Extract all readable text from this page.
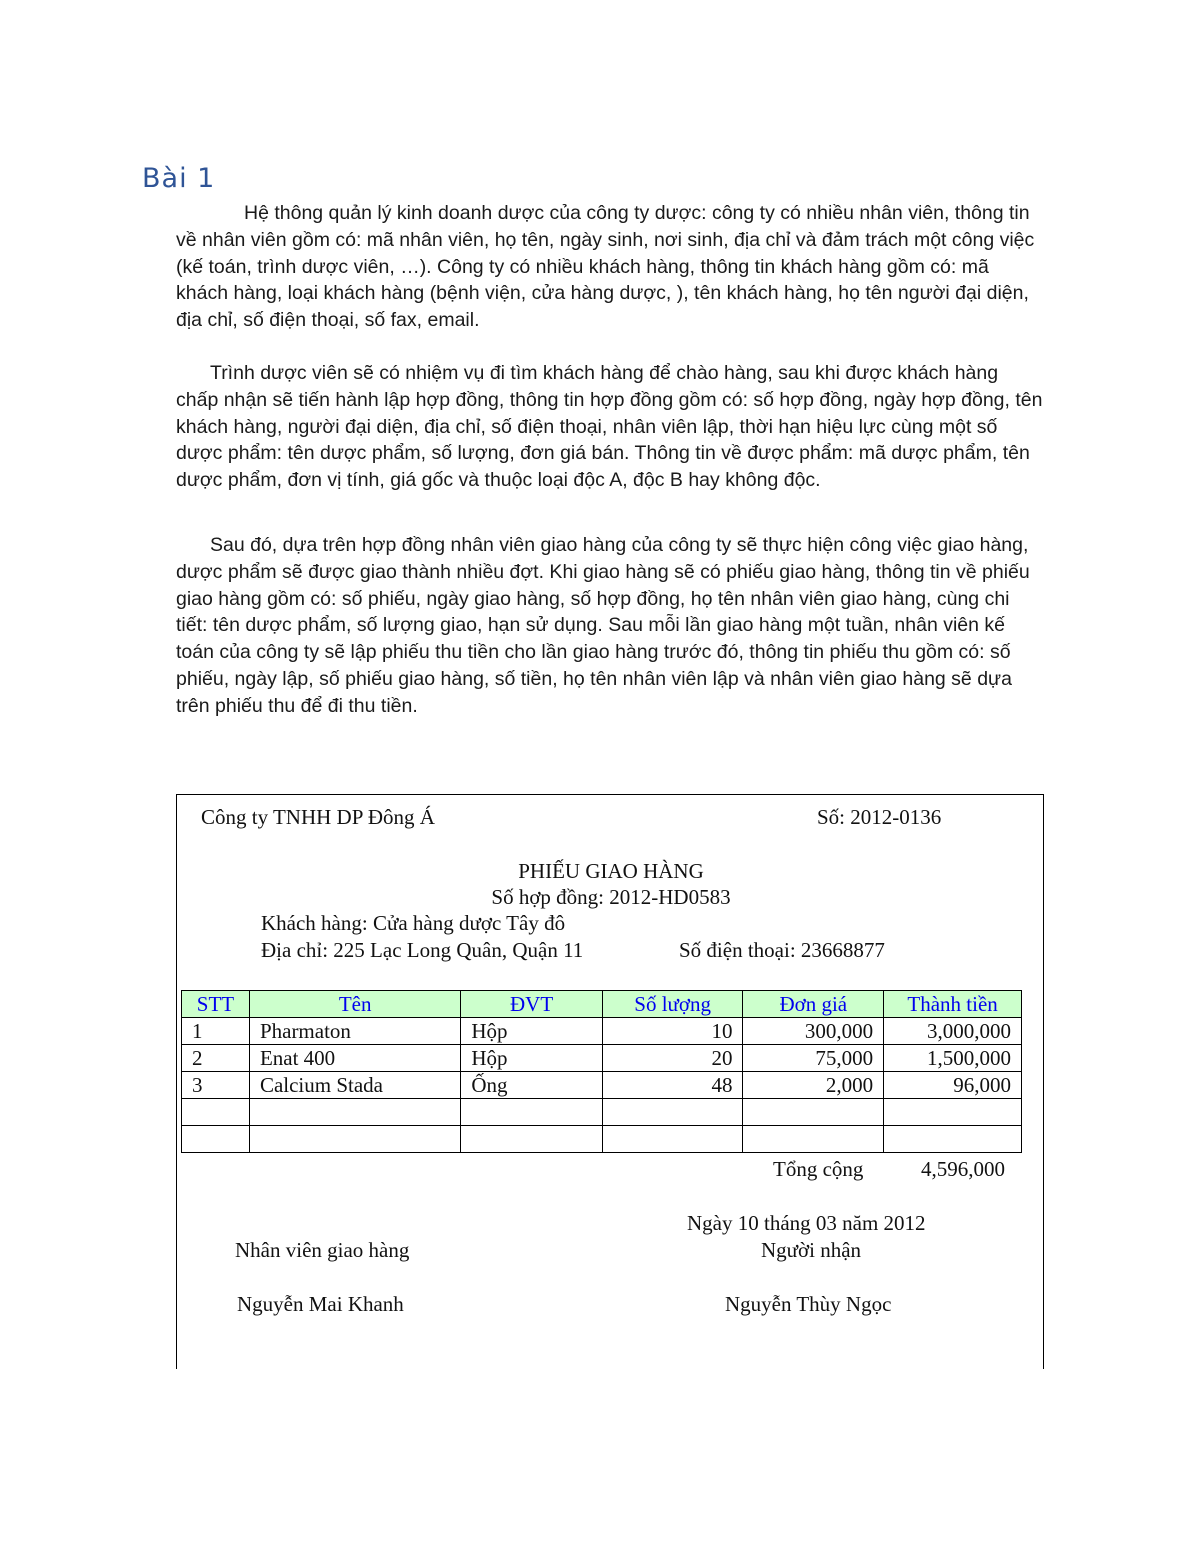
Bài 1

Hệ thông quản lý kinh doanh dược của công ty dược: công ty có nhiều nhân viên, thông tin về nhân viên gồm có: mã nhân viên, họ tên, ngày sinh, nơi sinh, địa chỉ và đảm trách một công việc (kế toán, trình dược viên, …). Công ty có nhiều khách hàng, thông tin khách hàng gồm có: mã khách hàng, loại khách hàng (bệnh viện, cửa hàng dược, ), tên khách hàng, họ tên người đại diện, địa chỉ, số điện thoại, số fax, email.

Trình dược viên sẽ có nhiệm vụ đi tìm khách hàng để chào hàng, sau khi được khách hàng chấp nhận sẽ tiến hành lập hợp đồng, thông tin hợp đồng gồm có: số hợp đồng, ngày hợp đồng, tên khách hàng, người đại diện, địa chỉ, số điện thoại, nhân viên lập, thời hạn hiệu lực cùng một số dược phẩm: tên dược phẩm, số lượng, đơn giá bán. Thông tin về được phẩm: mã dược phẩm, tên dược phẩm, đơn vị tính, giá gốc và thuộc loại độc A, độc B hay không độc.

Sau đó, dựa trên hợp đồng nhân viên giao hàng của công ty sẽ thực hiện công việc giao hàng, dược phẩm sẽ được giao thành nhiều đợt. Khi giao hàng sẽ có phiếu giao hàng, thông tin về phiếu giao hàng gồm có: số phiếu, ngày giao hàng, số hợp đồng, họ tên nhân viên giao hàng, cùng chi tiết: tên dược phẩm, số lượng giao, hạn sử dụng. Sau mỗi lần giao hàng một tuần, nhân viên kế toán của công ty sẽ lập phiếu thu tiền cho lần giao hàng trước đó, thông tin phiếu thu gồm có: số phiếu, ngày lập, số phiếu giao hàng, số tiền, họ tên nhân viên lập và nhân viên giao hàng sẽ dựa trên phiếu thu để đi thu tiền.

Công ty TNHH DP Đông Á	Số: 2012-0136
PHIẾU GIAO HÀNG
Số hợp đồng: 2012-HD0583
Khách hàng: Cửa hàng dược Tây đô
Địa chỉ: 225 Lạc Long Quân, Quận 11	Số điện thoại: 23668877
STT	Tên	ĐVT	Số lượng	Đơn giá	Thành tiền
1	Pharmaton	Hộp	10	300,000	3,000,000
2	Enat 400	Hộp	20	75,000	1,500,000
3	Calcium Stada	Ống	48	2,000	96,000

Tổng cộng	4,596,000
Ngày 10 tháng 03 năm 2012
Nhân viên giao hàng	Người nhận
Nguyễn Mai Khanh	Nguyễn Thùy Ngọc
